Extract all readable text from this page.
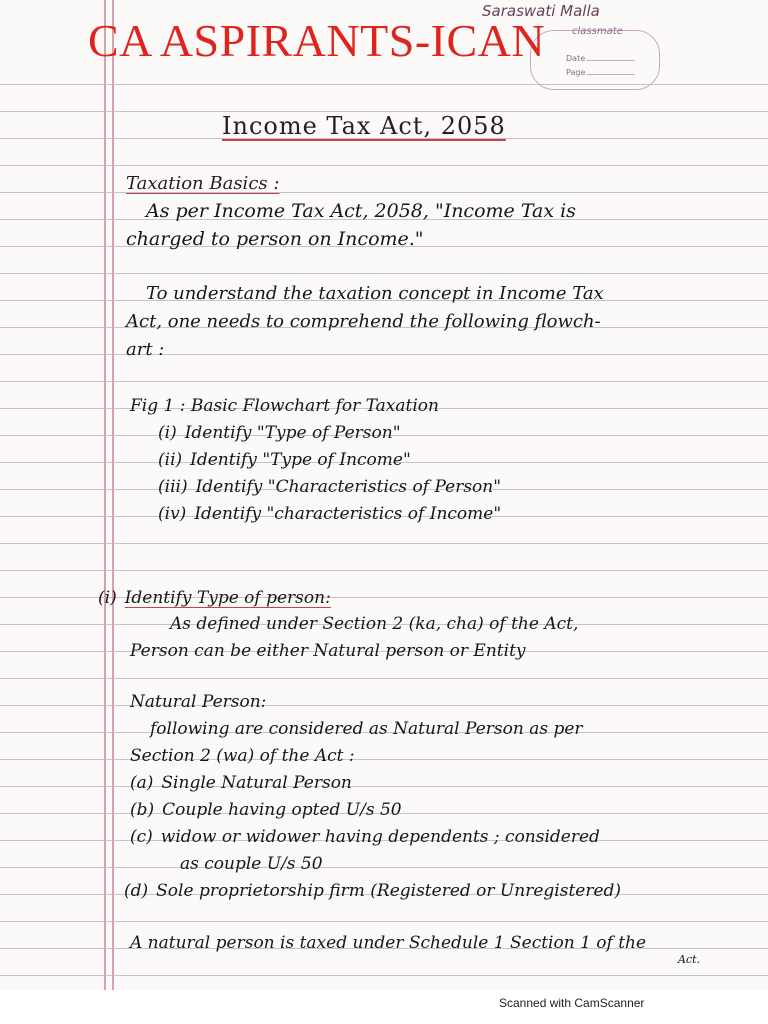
classmate
Date
Page
Saraswati Malla
CA ASPIRANTS-ICAN
Income Tax Act, 2058
Taxation Basics :
As per Income Tax Act, 2058, "Income Tax is
charged to person on Income."
To understand the taxation concept in Income Tax
Act, one needs to comprehend the following flowch-
art :
Fig 1 : Basic Flowchart for Taxation
(i) Identify "Type of Person"
(ii) Identify "Type of Income"
(iii) Identify "Characteristics of Person"
(iv) Identify "characteristics of Income"
(i) Identify Type of person:
As defined under Section 2 (ka, cha) of the Act,
Person can be either Natural person or Entity
Natural Person:
following are considered as Natural Person as per
Section 2 (wa) of the Act :
(a) Single Natural Person
(b) Couple having opted U/s 50
(c) widow or widower having dependents ; considered
as couple U/s 50
(d) Sole proprietorship firm (Registered or Unregistered)
A natural person is taxed under Schedule 1 Section 1 of the
Act.
Scanned with CamScanner
